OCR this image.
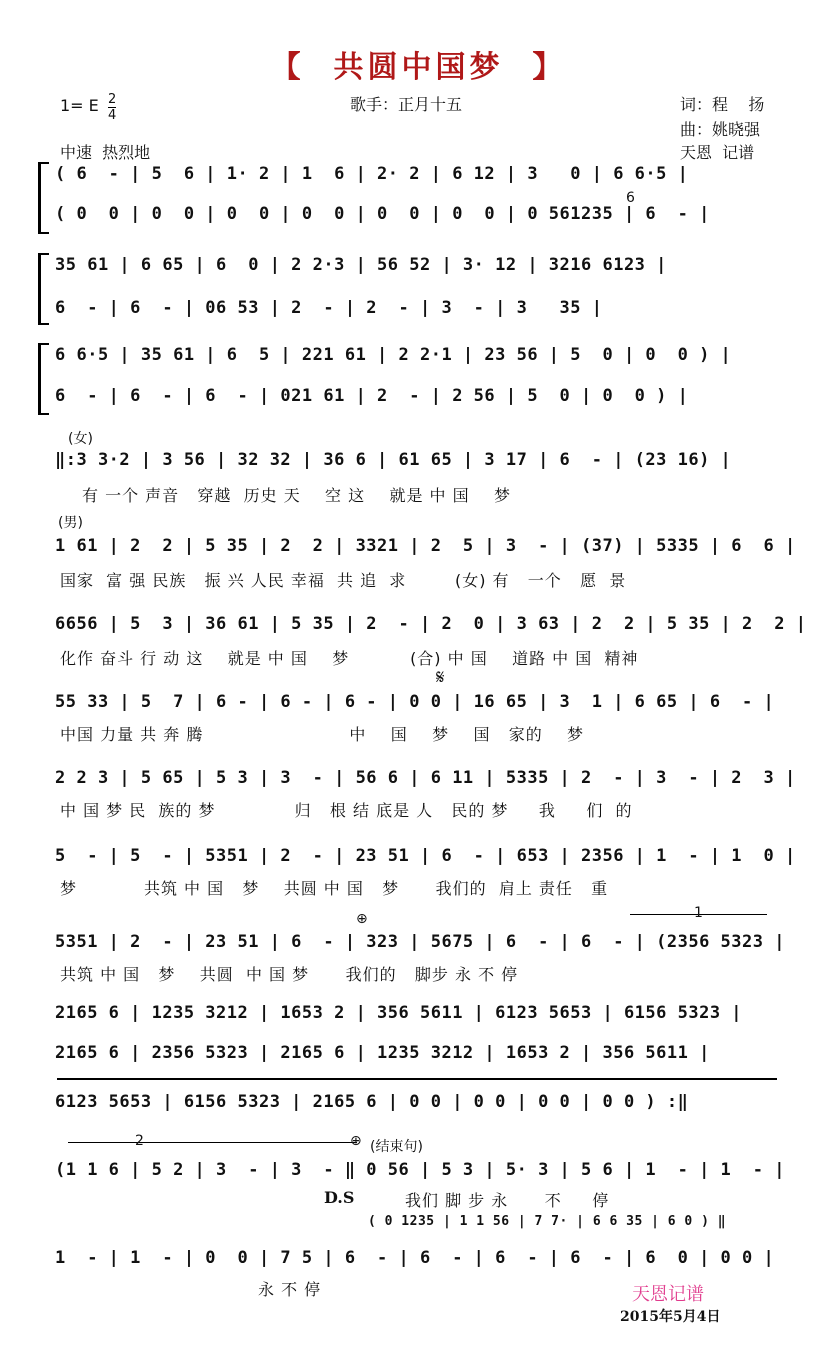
【  共圆中国梦  】
1= E 2
4
歌手：正月十五	词：程    扬
曲：姚晓强
中速  热烈地	天恩  记谱
( 6  - | 5  6 | 1· 2 | 1  6 | 2· 2 | 6 12 | 3   0 | 6 6·5 |
6
( 0  0 | 0  0 | 0  0 | 0  0 | 0  0 | 0  0 | 0 561235 | 6  - |
35 61 | 6 65 | 6  0 | 2 2·3 | 56 52 | 3· 12 | 3216 6123 |
6  - | 6  - | 06 53 | 2  - | 2  - | 3  - | 3   35 |
6 6·5 | 35 61 | 6  5 | 221 61 | 2 2·1 | 23 56 | 5  0 | 0  0 ) |
6  - | 6  - | 6  - | 021 61 | 2  - | 2 56 | 5  0 | 0  0 ) |
(女)
‖:3 3·2 | 3 56 | 32 32 | 36 6 | 61 65 | 3 17 | 6  - | (23 16) |
有 一个 声音   穿越  历史 天    空 这    就是 中 国    梦
(男)
1 61 | 2  2 | 5 35 | 2  2 | 3321 | 2  5 | 3  - | (37) | 5335 | 6  6 |
国家  富 强 民族   振 兴 人民 幸福  共 追  求        (女) 有   一个   愿  景
6656 | 5  3 | 36 61 | 5 35 | 2  - | 2  0 | 3 63 | 2  2 | 5 35 | 2  2 |
化作 奋斗 行 动 这    就是 中 国    梦          (合) 中 国    道路 中 国  精神
𝄋
55 33 | 5  7 | 6 - | 6 - | 6 - | 0 0 | 16 65 | 3  1 | 6 65 | 6  - |
中国 力量 共 奔 腾                        中    国    梦    国   家的    梦
2 2 3 | 5 65 | 5 3 | 3  - | 56 6 | 6 11 | 5335 | 2  - | 3  - | 2  3 |
中 国 梦 民  族的 梦             归   根 结 底是 人   民的 梦     我     们  的
5  - | 5  - | 5351 | 2  - | 23 51 | 6  - | 653 | 2356 | 1  - | 1  0 |
梦           共筑 中 国   梦    共圆 中 国   梦      我们的  肩上 责任   重
⊕	1
5351 | 2  - | 23 51 | 6  - | 323 | 5675 | 6  - | 6  - | (2356 5323 |
共筑 中 国   梦    共圆  中 国 梦      我们的   脚步 永 不 停
2165 6 | 1235 3212 | 1653 2 | 356 5611 | 6123 5653 | 6156 5323 |
2165 6 | 2356 5323 | 2165 6 | 1235 3212 | 1653 2 | 356 5611 |
6123 5653 | 6156 5323 | 2165 6 | 0 0 | 0 0 | 0 0 | 0 0 ) :‖
2	⊕ (结束句)
(1 1 6 | 5 2 | 3  - | 3  - ‖ 0 56 | 5 3 | 5· 3 | 5 6 | 1  - | 1  - |
D.S	我们 脚 步 永      不     停
( 0 1235 | 1 1 56 | 7 7· | 6 6 35 | 6 0 ) ‖
1  - | 1  - | 0  0 | 7 5 | 6  - | 6  - | 6  - | 6  - | 6  0 | 0 0 |
永 不 停	天恩记谱
2015年5月4日
